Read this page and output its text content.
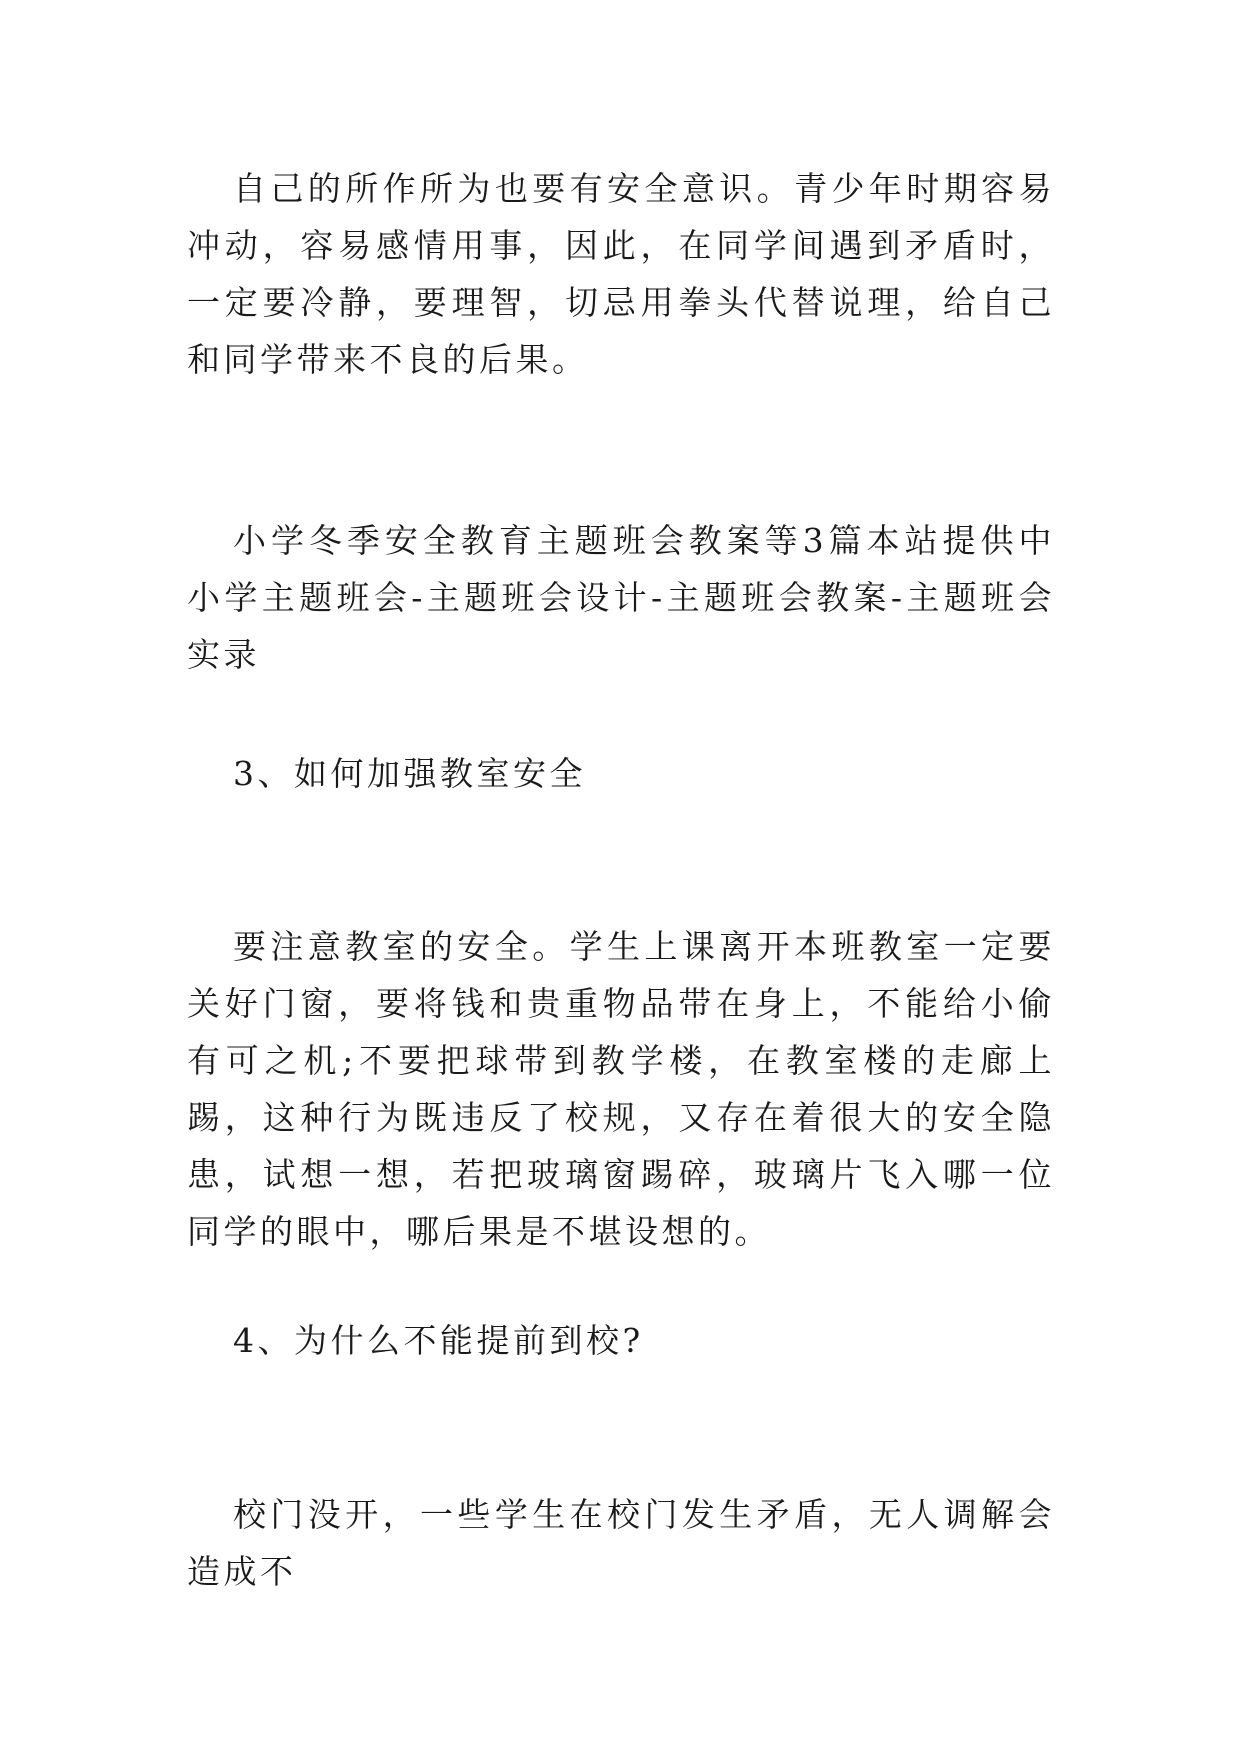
自己的所作所为也要有安全意识。青少年时期容易冲动，容易感情用事，因此，在同学间遇到矛盾时，一定要冷静，要理智，切忌用拳头代替说理，给自己和同学带来不良的后果。

小学冬季安全教育主题班会教案等3篇本站提供中小学主题班会-主题班会设计-主题班会教案-主题班会实录

3、如何加强教室安全

要注意教室的安全。学生上课离开本班教室一定要关好门窗，要将钱和贵重物品带在身上，不能给小偷有可之机;不要把球带到教学楼，在教室楼的走廊上踢，这种行为既违反了校规，又存在着很大的安全隐患，试想一想，若把玻璃窗踢碎，玻璃片飞入哪一位同学的眼中，哪后果是不堪设想的。

4、为什么不能提前到校?

校门没开，一些学生在校门发生矛盾，无人调解会造成不
